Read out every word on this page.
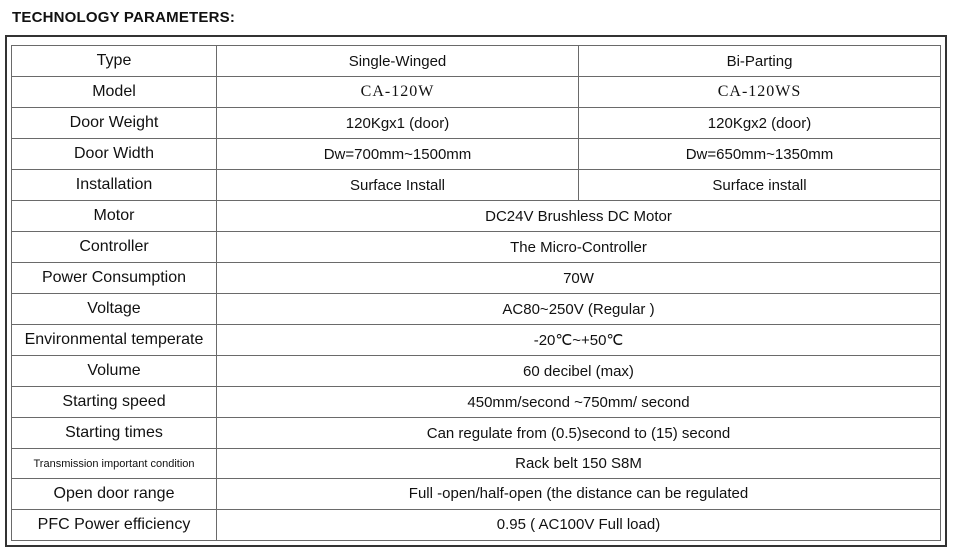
TECHNOLOGY PARAMETERS:
Type	Single-Winged	Bi-Parting
Model	CA-120W	CA-120WS
Door Weight	120Kgx1 (door)	120Kgx2 (door)
Door Width	Dw=700mm~1500mm	Dw=650mm~1350mm
Installation	Surface Install	Surface install
Motor	DC24V Brushless DC Motor	
Controller	The Micro-Controller	
Power Consumption	70W	
Voltage	AC80~250V (Regular )	
Environmental temperate	-20℃~+50℃	
Volume	60 decibel (max)	
Starting speed	450mm/second ~750mm/ second	
Starting times	Can regulate from (0.5)second to (15) second	
Transmission important condition	Rack belt 150 S8M	
Open door range	Full -open/half-open (the distance can be regulated	
PFC Power efficiency	0.95 ( AC100V Full load)	
